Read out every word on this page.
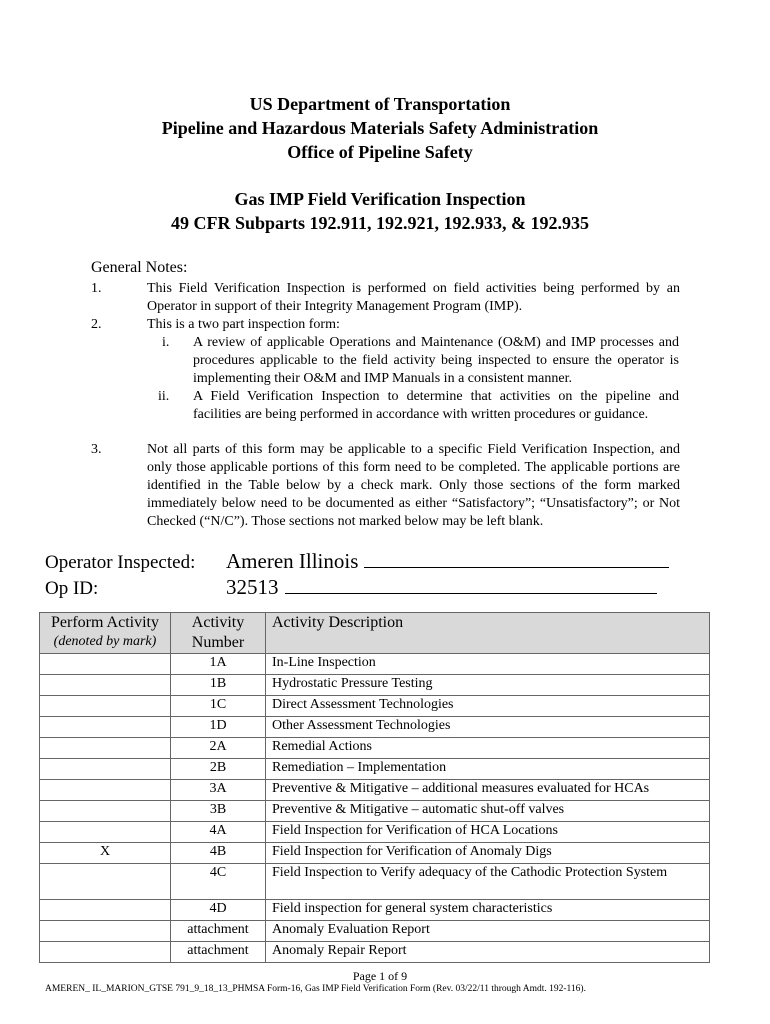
US Department of Transportation
Pipeline and Hazardous Materials Safety Administration
Office of Pipeline Safety
Gas IMP Field Verification Inspection
49 CFR Subparts 192.911, 192.921, 192.933, & 192.935
General Notes:
1.	This Field Verification Inspection is performed on field activities being performed by an Operator in support of their Integrity Management Program (IMP).
2.	This is a two part inspection form:
i. A review of applicable Operations and Maintenance (O&M) and IMP processes and procedures applicable to the field activity being inspected to ensure the operator is implementing their O&M and IMP Manuals in a consistent manner.
ii. A Field Verification Inspection to determine that activities on the pipeline and facilities are being performed in accordance with written procedures or guidance.
3.	Not all parts of this form may be applicable to a specific Field Verification Inspection, and only those applicable portions of this form need to be completed. The applicable portions are identified in the Table below by a check mark. Only those sections of the form marked immediately below need to be documented as either “Satisfactory”; “Unsatisfactory”; or Not Checked (“N/C”). Those sections not marked below may be left blank.
Operator Inspected: Ameren Illinois
Op ID:	32513
Perform Activity
(denoted by mark)	Activity Number	Activity Description
	1A	In-Line Inspection
	1B	Hydrostatic Pressure Testing
	1C	Direct Assessment Technologies
	1D	Other Assessment Technologies
	2A	Remedial Actions
	2B	Remediation – Implementation
	3A	Preventive & Mitigative – additional measures evaluated for HCAs
	3B	Preventive & Mitigative – automatic shut-off valves
	4A	Field Inspection for Verification of HCA Locations
X	4B	Field Inspection for Verification of Anomaly Digs
	4C	Field Inspection to Verify adequacy of the Cathodic Protection System
	4D	Field inspection for general system characteristics
	attachment	Anomaly Evaluation Report
	attachment	Anomaly Repair Report
Page 1 of 9
AMEREN_ IL_MARION_GTSE 791_9_18_13_PHMSA Form-16, Gas IMP Field Verification Form (Rev. 03/22/11 through Amdt. 192-116).
